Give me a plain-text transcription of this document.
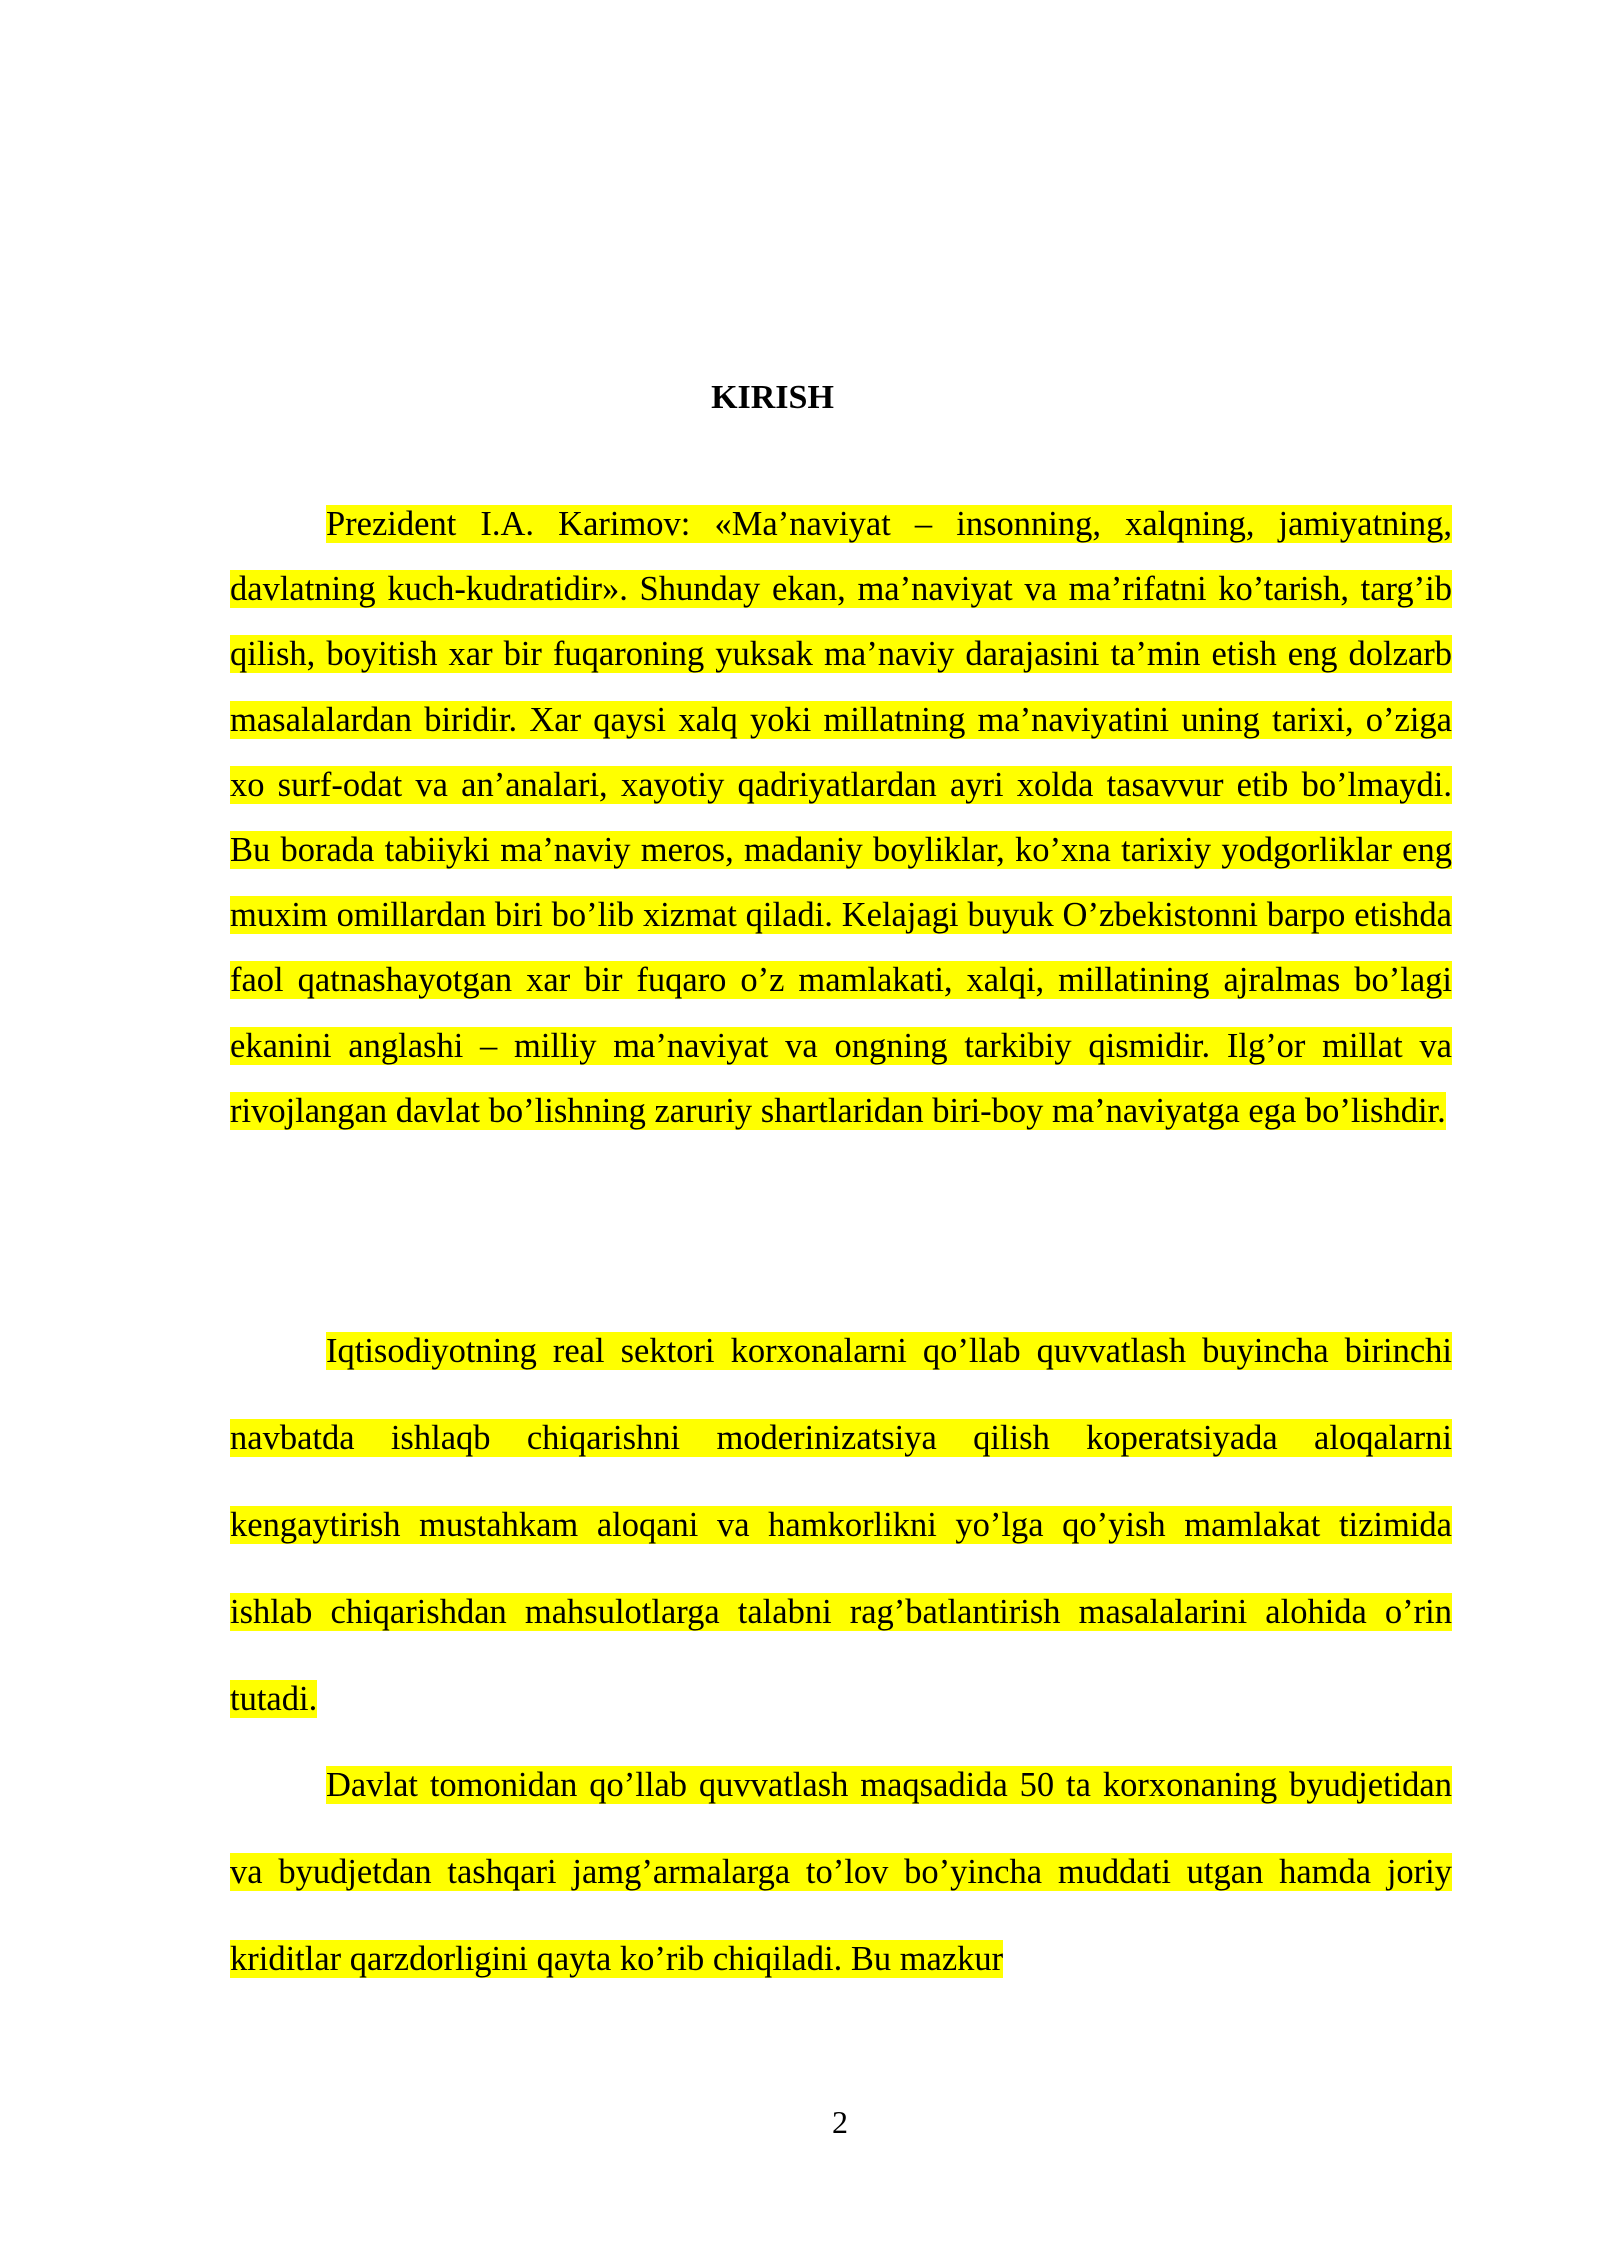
KIRISH

Prezident I.A. Karimov: «Ma’naviyat – insonning, xalqning, jamiyatning, davlatning kuch-kudratidir». Shunday ekan, ma’naviyat va ma’rifatni ko’tarish, targ’ib qilish, boyitish xar bir fuqaroning yuksak ma’naviy darajasini ta’min etish eng dolzarb masalalardan biridir. Xar qaysi xalq yoki millatning ma’naviyatini uning tarixi, o’ziga xo surf-odat va an’analari, xayotiy qadriyatlardan ayri xolda tasavvur etib bo’lmaydi. Bu borada tabiiyki ma’naviy meros, madaniy boyliklar, ko’xna tarixiy yodgorliklar eng muxim omillardan biri bo’lib xizmat qiladi. Kelajagi buyuk O’zbekistonni barpo etishda faol qatnashayotgan xar bir fuqaro o’z mamlakati, xalqi, millatining ajralmas bo’lagi ekanini anglashi – milliy ma’naviyat va ongning tarkibiy qismidir. Ilg’or millat va rivojlangan davlat bo’lishning zaruriy shartlaridan biri-boy ma’naviyatga ega bo’lishdir.

Iqtisodiyotning real sektori korxonalarni qo’llab quvvatlash buyincha birinchi navbatda ishlaqb chiqarishni moderinizatsiya qilish koperatsiyada aloqalarni kengaytirish mustahkam aloqani va hamkorlikni yo’lga qo’yish mamlakat tizimida ishlab chiqarishdan mahsulotlarga talabni rag’batlantirish masalalarini alohida o’rin tutadi.

Davlat tomonidan qo’llab quvvatlash maqsadida 50 ta korxonaning byudjetidan va byudjetdan tashqari jamg’armalarga to’lov bo’yincha muddati utgan hamda joriy kriditlar qarzdorligini qayta ko’rib chiqiladi. Bu mazkur

2
